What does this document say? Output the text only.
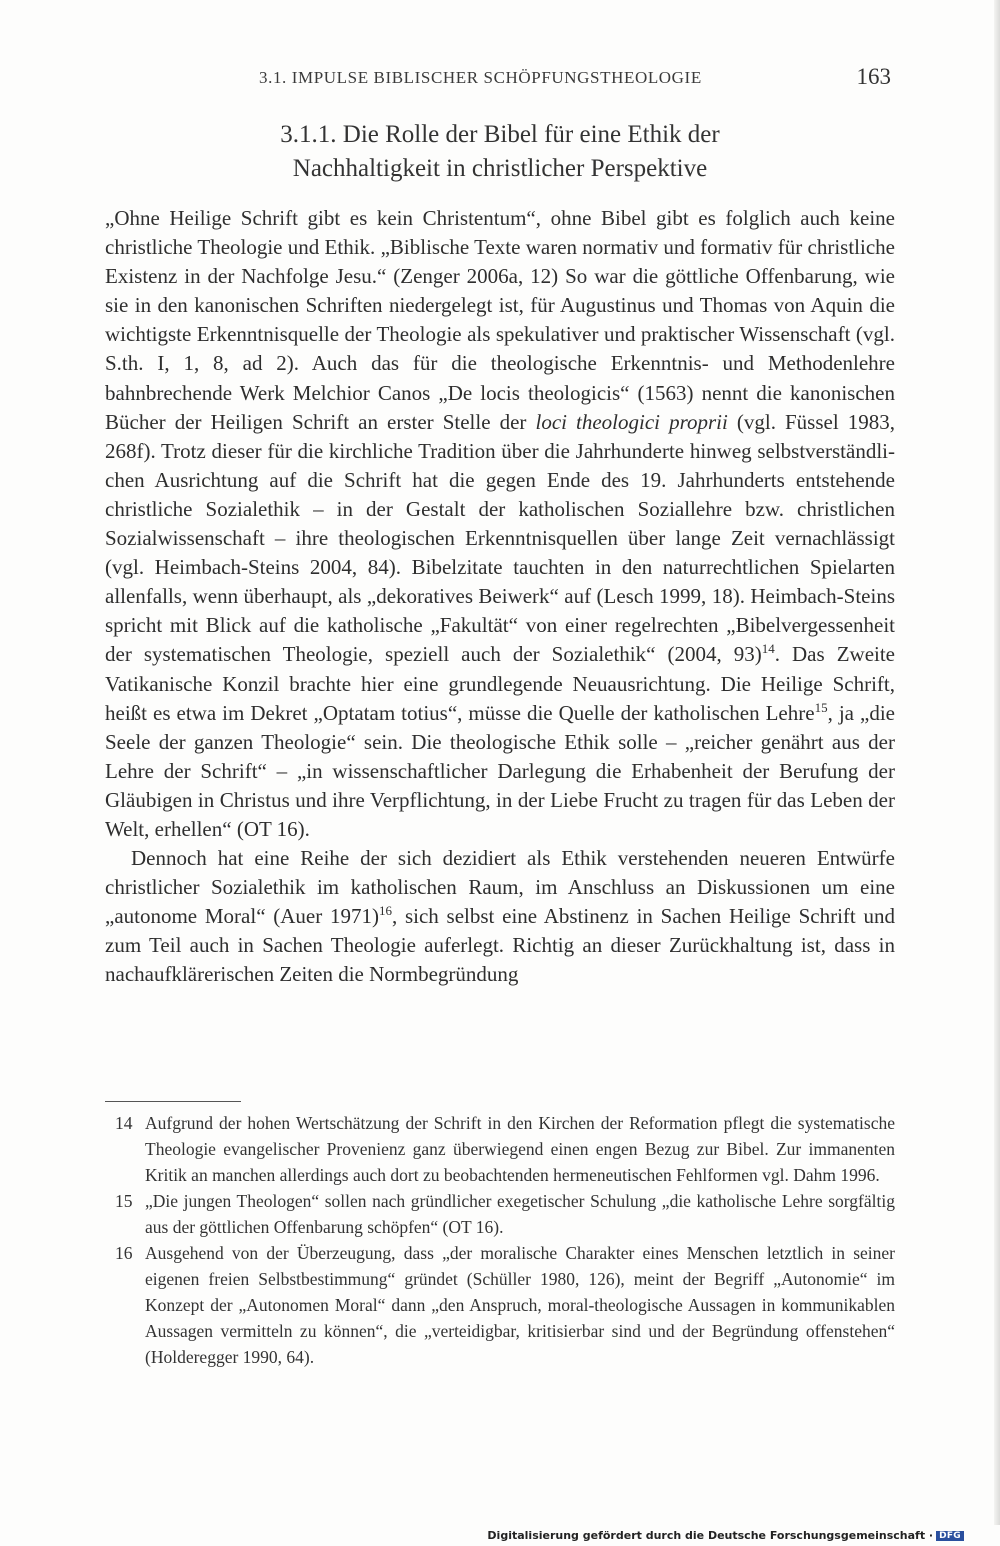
3.1. IMPULSE BIBLISCHER SCHÖPFUNGSTHEOLOGIE	163
3.1.1. Die Rolle der Bibel für eine Ethik der
Nachhaltigkeit in christlicher Perspektive

„Ohne Heilige Schrift gibt es kein Christentum“, ohne Bibel gibt es folglich auch keine christliche Theologie und Ethik. „Biblische Texte waren normativ und formativ für christliche Existenz in der Nachfolge Jesu.“ (Zenger 2006a, 12) So war die göttliche Offenbarung, wie sie in den kanonischen Schriften niedergelegt ist, für Augustinus und Thomas von Aquin die wichtigste Erkenntnisquelle der Theologie als spekulativer und praktischer Wissenschaft (vgl. S.th. I, 1, 8, ad 2). Auch das für die theologische Erkenntnis- und Methodenlehre bahnbrechende Werk Melchior Canos „De locis theologicis“ (1563) nennt die kanonischen Bücher der Heiligen Schrift an erster Stelle der loci theologici proprii (vgl. Füssel 1983, 268f). Trotz dieser für die kirchliche Tradition über die Jahrhunderte hinweg selbstverständlichen Ausrichtung auf die Schrift hat die gegen Ende des 19. Jahrhunderts entstehende christliche Sozialethik – in der Gestalt der katholischen Soziallehre bzw. christlichen Sozialwissenschaft – ihre theologischen Erkenntnisquellen über lange Zeit vernachlässigt (vgl. Heimbach-Steins 2004, 84). Bibelzitate tauchten in den naturrechtlichen Spielarten allenfalls, wenn überhaupt, als „dekoratives Beiwerk“ auf (Lesch 1999, 18). Heimbach-Steins spricht mit Blick auf die katholische „Fakultät“ von einer regelrechten „Bibelvergessenheit der systematischen Theologie, speziell auch der Sozialethik“ (2004, 93)$^{14}$. Das Zweite Vatikanische Konzil brachte hier eine grundlegende Neuausrichtung. Die Heilige Schrift, heißt es etwa im Dekret „Optatam totius“, müsse die Quelle der katholischen Lehre$^{15}$, ja „die Seele der ganzen Theologie“ sein. Die theologische Ethik solle – „reicher genährt aus der Lehre der Schrift“ – „in wissenschaftlicher Darlegung die Erhabenheit der Berufung der Gläubigen in Christus und ihre Verpflichtung, in der Liebe Frucht zu tragen für das Leben der Welt, erhellen“ (OT 16).

Dennoch hat eine Reihe der sich dezidiert als Ethik verstehenden neueren Entwürfe christlicher Sozialethik im katholischen Raum, im Anschluss an Diskussionen um eine „autonome Moral“ (Auer 1971)$^{16}$, sich selbst eine Abstinenz in Sachen Heilige Schrift und zum Teil auch in Sachen Theologie auferlegt. Richtig an dieser Zurückhaltung ist, dass in nachaufklärerischen Zeiten die Normbegründung

14 Aufgrund der hohen Wertschätzung der Schrift in den Kirchen der Reformation pflegt die systematische Theologie evangelischer Provenienz ganz überwiegend einen engen Bezug zur Bibel. Zur immanenten Kritik an manchen allerdings auch dort zu beobachtenden hermeneutischen Fehlformen vgl. Dahm 1996.
15 „Die jungen Theologen“ sollen nach gründlicher exegetischer Schulung „die katholische Lehre sorgfältig aus der göttlichen Offenbarung schöpfen“ (OT 16).
16 Ausgehend von der Überzeugung, dass „der moralische Charakter eines Menschen letztlich in seiner eigenen freien Selbstbestimmung“ gründet (Schüller 1980, 126), meint der Begriff „Autonomie“ im Konzept der „Autonomen Moral“ dann „den Anspruch, moral-theologische Aussagen in kommunikablen Aussagen vermitteln zu können“, die „verteidigbar, kritisierbar sind und der Begründung offenstehen“ (Holderegger 1990, 64).
Digitalisierung gefördert durch die Deutsche Forschungsgemeinschaft · DFG
